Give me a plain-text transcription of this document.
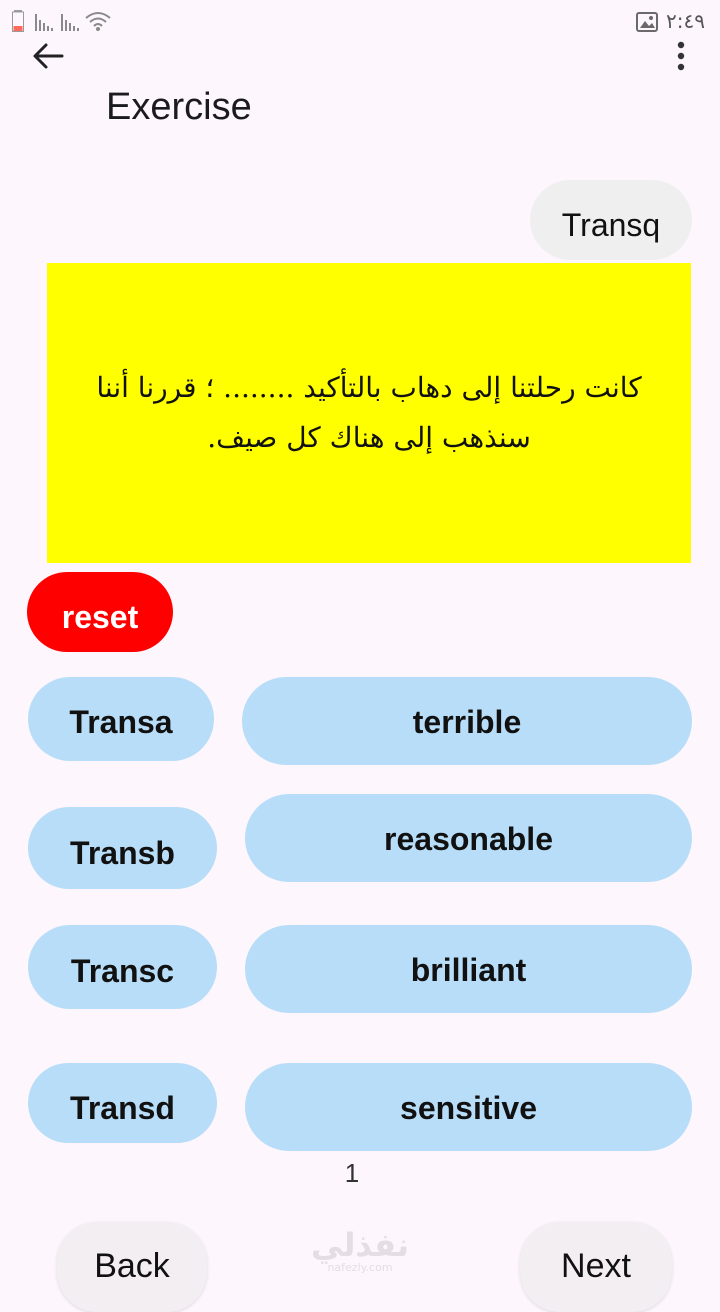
٢:٤٩
Exercise
Transq
كانت رحلتنا إلى دهاب بالتأكيد ........ ؛ قررنا أننا سنذهب إلى هناك كل صيف.
reset
Transa
Transb
Transc
Transd
terrible
reasonable
brilliant
sensitive
1
Back
نفذلي
nafezly.com	Next
